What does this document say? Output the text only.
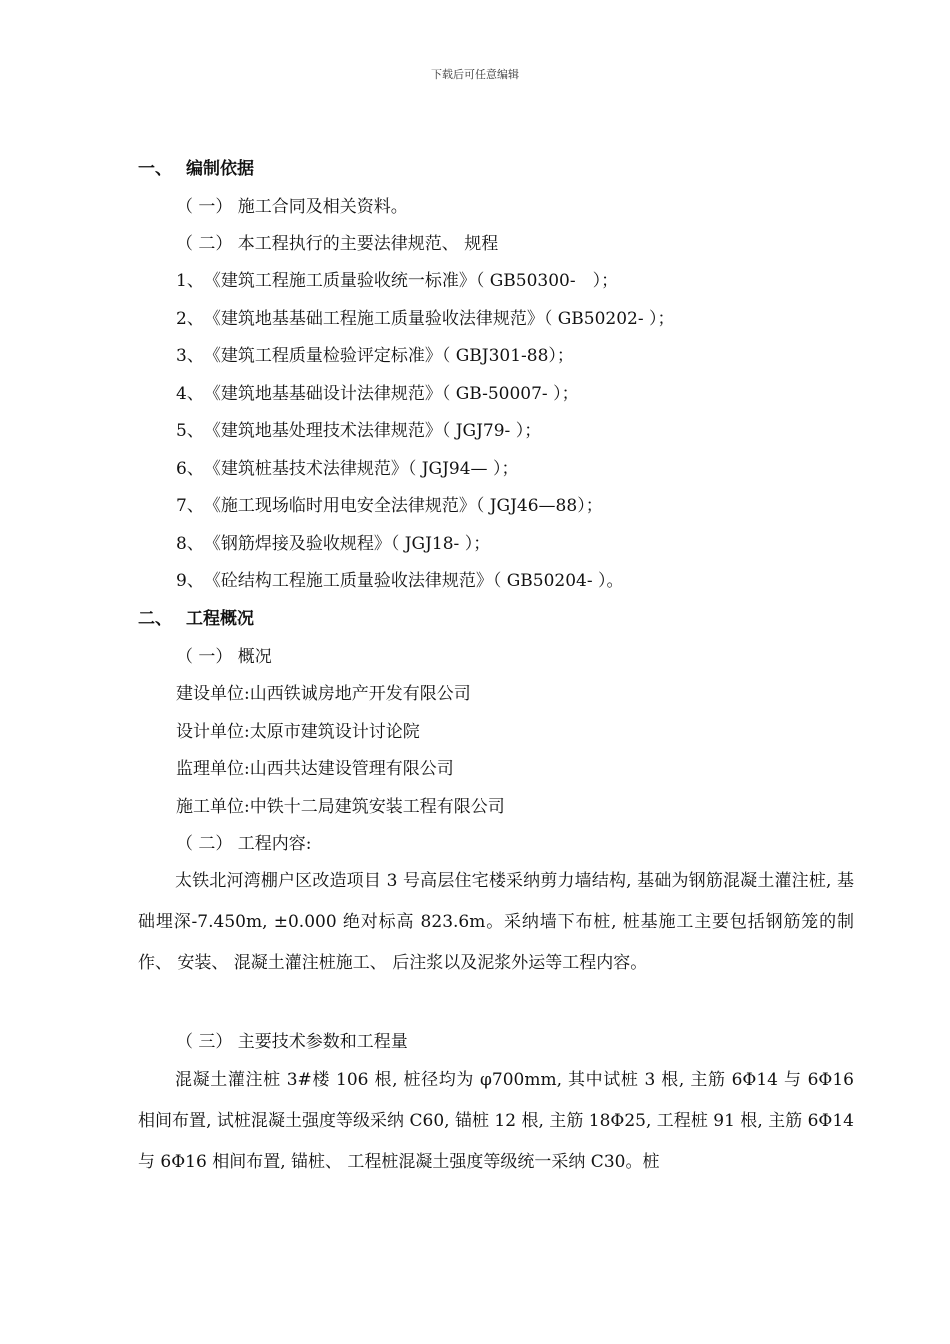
下载后可任意编辑
一、 编制依据
（ 一） 施工合同及相关资料。
（ 二） 本工程执行的主要法律规范、 规程
1、　《建筑工程施工质量验收统一标准》（ GB50300-　）；
2、　《建筑地基基础工程施工质量验收法律规范》（ GB50202- ）；
3、　《建筑工程质量检验评定标准》（ GBJ301-88）；
4、　《建筑地基基础设计法律规范》（ GB-50007- ）；
5、　《建筑地基处理技术法律规范》（ JGJ79- ）；
6、　《建筑桩基技术法律规范》（ JGJ94— ）；
7、　《施工现场临时用电安全法律规范》（ JGJ46—88）；
8、　《钢筋焊接及验收规程》（ JGJ18- ）；
9、　《砼结构工程施工质量验收法律规范》（ GB50204- ）。
二、 工程概况
（ 一） 概况
建设单位:山西铁诚房地产开发有限公司
设计单位:太原市建筑设计讨论院
监理单位:山西共达建设管理有限公司
施工单位:中铁十二局建筑安装工程有限公司
（ 二） 工程内容:
太铁北河湾棚户区改造项目 3 号高层住宅楼采纳剪力墙结构, 基础为钢筋混凝土灌注桩, 基础埋深-7.450m, ±0.000 绝对标高 823.6m。采纳墙下布桩, 桩基施工主要包括钢筋笼的制作、 安装、 混凝土灌注桩施工、 后注浆以及泥浆外运等工程内容。
（ 三） 主要技术参数和工程量
混凝土灌注桩 3#楼 106 根, 桩径均为 φ700mm, 其中试桩 3 根, 主筋 6Φ14 与 6Φ16 相间布置, 试桩混凝土强度等级采纳 C60, 锚桩 12 根, 主筋 18Φ25, 工程桩 91 根, 主筋 6Φ14 与 6Φ16 相间布置, 锚桩、 工程桩混凝土强度等级统一采纳 C30。桩
